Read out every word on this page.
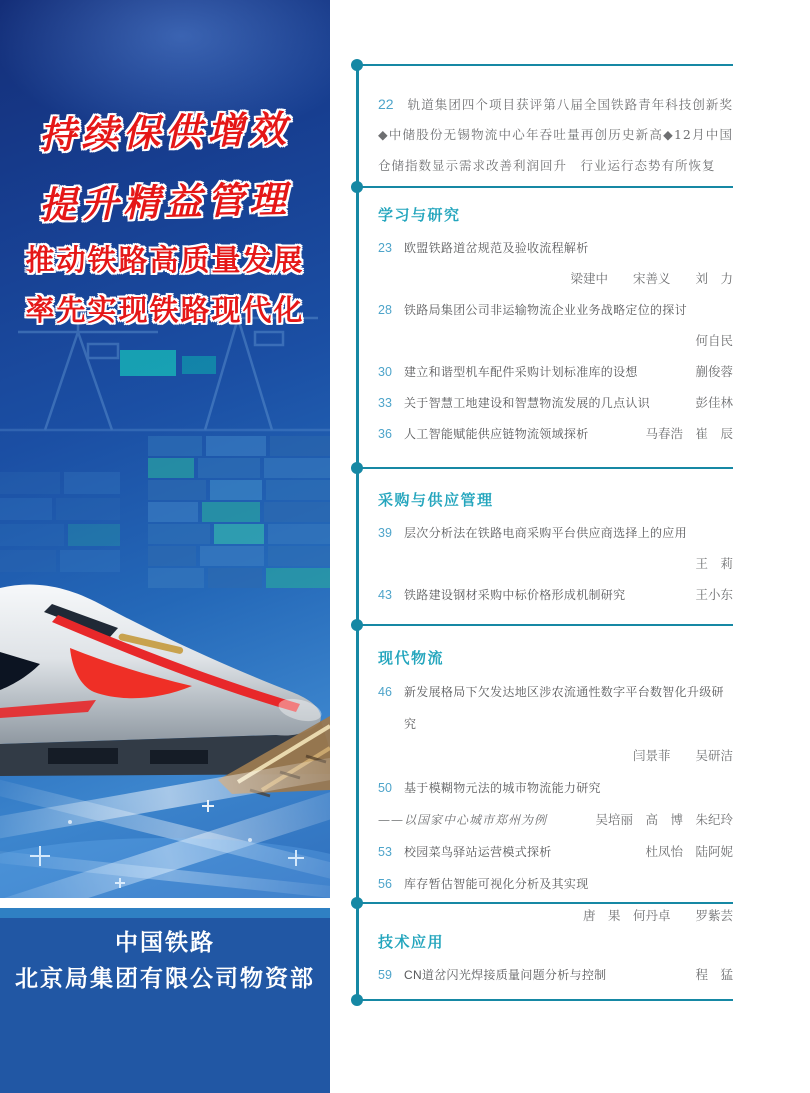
持续保供增效
提升精益管理
推动铁路高质量发展
率先实现铁路现代化
中国铁路
北京局集团有限公司物资部

22 轨道集团四个项目获评第八届全国铁路青年科技创新奖◆中储股份无锡物流中心年吞吐量再创历史新高◆12月中国仓储指数显示需求改善利润回升　行业运行态势有所恢复

学习与研究
23	欧盟铁路道岔规范及验收流程解析
梁建中　　宋善义　　刘　力
28	铁路局集团公司非运输物流企业业务战略定位的探讨
何自民
30	建立和谐型机车配件采购计划标准库的设想	蒯俊蓉
33	关于智慧工地建设和智慧物流发展的几点认识	彭佳林
36	人工智能赋能供应链物流领域探析	马春浩　崔　辰
采购与供应管理
39	层次分析法在铁路电商采购平台供应商选择上的应用
王　莉
43	铁路建设钢材采购中标价格形成机制研究	王小东
现代物流
46	新发展格局下欠发达地区涉农流通性数字平台数智化升级研究
闫景菲　　吴研洁
50	基于模糊物元法的城市物流能力研究
——以国家中心城市郑州为例	吴培丽　高　博　朱纪玲
53	校园菜鸟驿站运营模式探析	杜凤怡　陆阿妮
56	库存暂估智能可视化分析及其实现
唐　果　何丹卓　　罗紫芸
技术应用
59	CN道岔闪光焊接质量问题分析与控制	程　猛
